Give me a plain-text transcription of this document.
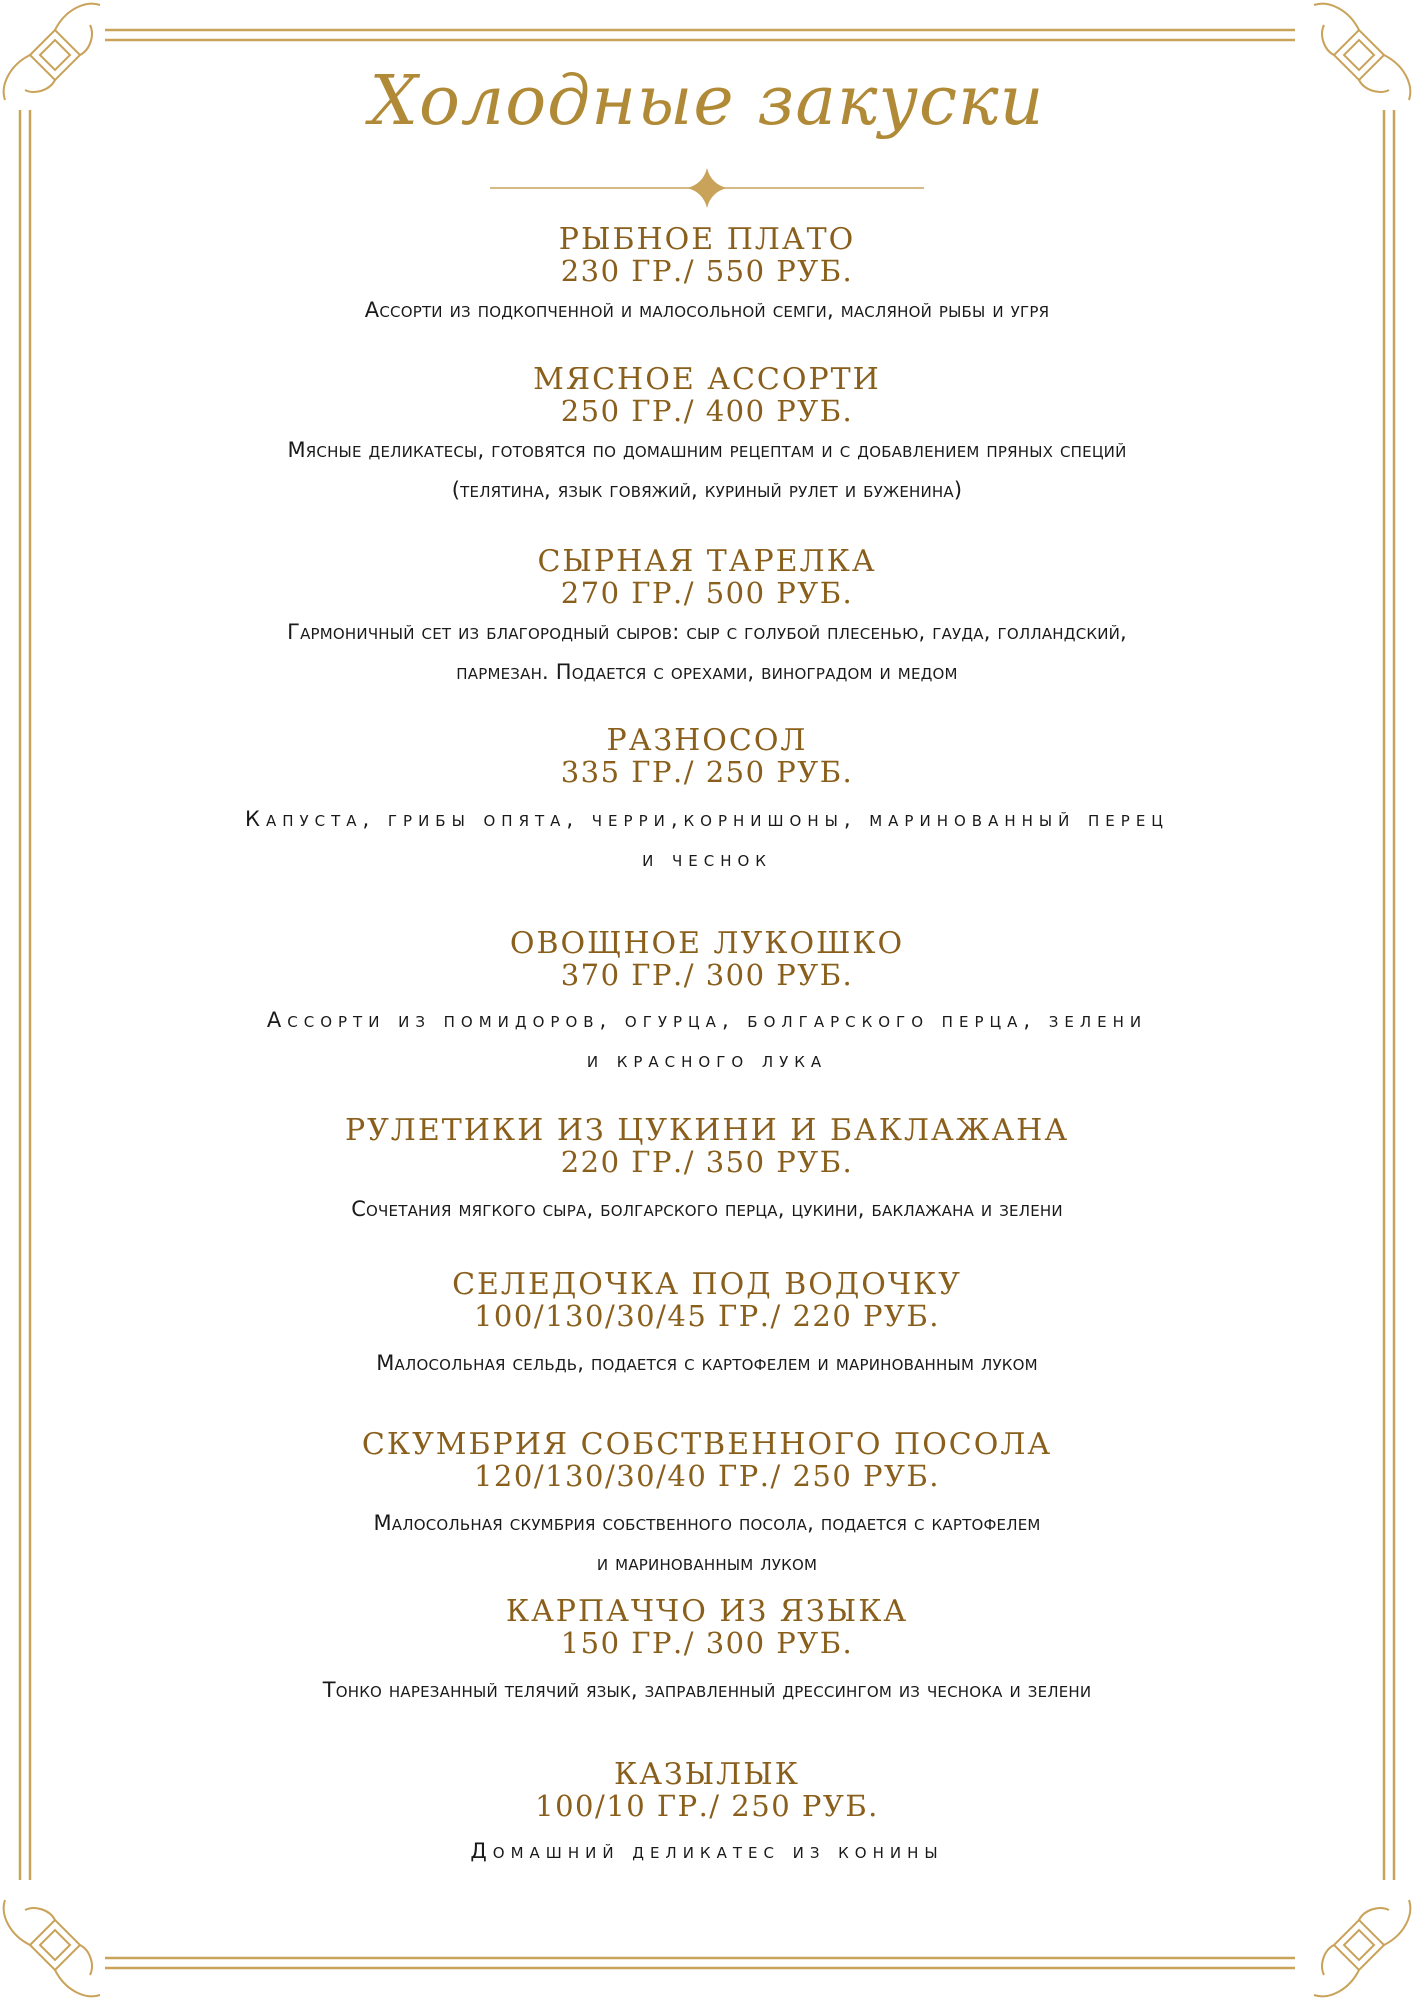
Холодные закуски
РЫБНОЕ ПЛАТО
230 ГР./ 550 РУБ.
Ассорти из подкопченной и малосольной семги, масляной рыбы и угря
МЯСНОЕ АССОРТИ
250 ГР./ 400 РУБ.
Мясные деликатесы, готовятся по домашним рецептам и с добавлением пряных специй
(телятина, язык говяжий, куриный рулет и буженина)
СЫРНАЯ ТАРЕЛКА
270 ГР./ 500 РУБ.
Гармоничный сет из благородный сыров: сыр с голубой плесенью, гауда, голландский,
пармезан. Подается с орехами, виноградом и медом
РАЗНОСОЛ
335 ГР./ 250 РУБ.
Капуста, грибы опята, черри,корнишоны, маринованный перец
и чеснок
ОВОЩНОЕ ЛУКОШКО
370 ГР./ 300 РУБ.
Ассорти из помидоров, огурца, болгарского перца, зелени
и красного лука
РУЛЕТИКИ ИЗ ЦУКИНИ И БАКЛАЖАНА
220 ГР./ 350 РУБ.
Сочетания мягкого сыра, болгарского перца, цукини, баклажана и зелени
СЕЛЕДОЧКА ПОД ВОДОЧКУ
100/130/30/45 ГР./ 220 РУБ.
Малосольная сельдь, подается с картофелем и маринованным луком
СКУМБРИЯ СОБСТВЕННОГО ПОСОЛА
120/130/30/40 ГР./ 250 РУБ.
Малосольная скумбрия собственного посола, подается с картофелем
и маринованным луком
КАРПАЧЧО ИЗ ЯЗЫКА
150 ГР./ 300 РУБ.
Тонко нарезанный телячий язык, заправленный дрессингом из чеснока и зелени
КАЗЫЛЫК
100/10 ГР./ 250 РУБ.
Домашний деликатес из конины
